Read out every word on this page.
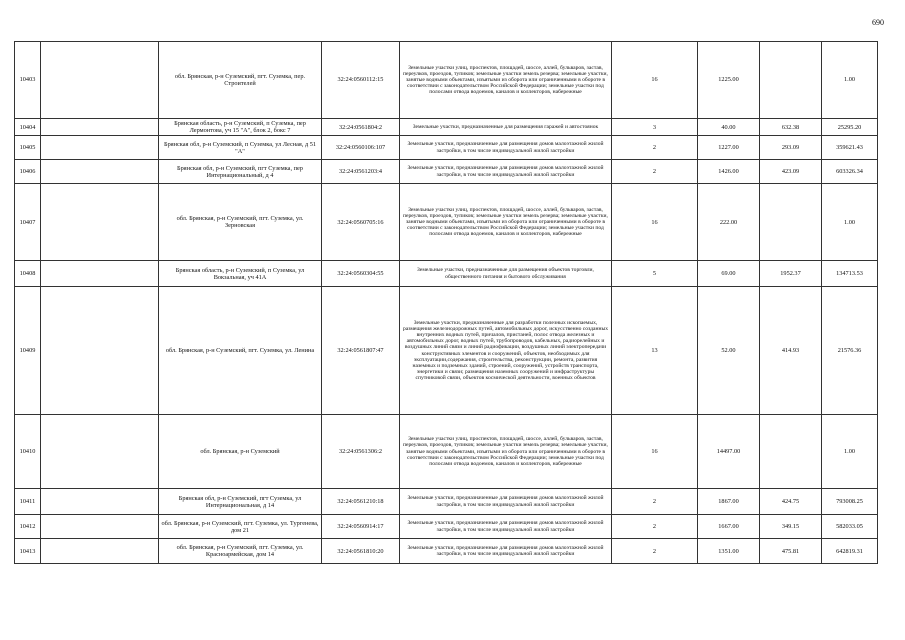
690
10403		обл. Брянская, р-н Суземский, пгт. Суземка, пер. Строителей	32:24:0560112:15	Земельные участки улиц, проспектов, площадей, шоссе, аллей, бульваров, застав, переулков, проездов, тупиков; земельные участки земель резерва; земельные участки, занятые водными объектами, изъятыми из оборота или ограниченными в обороте в соответствии с законодательством Российской Федерации; земельные участки под полосами отвода водоемов, каналов и коллекторов, набережные	16	1225.00		1.00
10404		Брянская область, р-н Суземский, п Суземка, пер Лермонтова, уч 15 "А", блок 2, бокс 7	32:24:0561804:2	Земельные участки, предназначенные для размещения гаражей и автостоянок	3	40.00	632.38	25295.20
10405		Брянская обл, р-н Суземский, п Суземка, ул Лесная, д 51 "А"	32:24:0560106:107	Земельные участки, предназначенные для размещения домов малоэтажной жилой застройки, в том числе индивидуальной жилой застройки	2	1227.00	293.09	359621.43
10406		Брянская обл, р-н Суземский, пгт Суземка, пер Интернациональный, д 4	32:24:0561203:4	Земельные участки, предназначенные для размещения домов малоэтажной жилой застройки, в том числе индивидуальной жилой застройки	2	1426.00	423.09	603326.34
10407		обл. Брянская, р-н Суземский, пгт. Суземка, ул. Зерновская	32:24:0560705:16	Земельные участки улиц, проспектов, площадей, шоссе, аллей, бульваров, застав, переулков, проездов, тупиков; земельные участки земель резерва; земельные участки, занятые водными объектами, изъятыми из оборота или ограниченными в обороте в соответствии с законодательством Российской Федерации; земельные участки под полосами отвода водоемов, каналов и коллекторов, набережные	16	222.00		1.00
10408		Брянская область, р-н Суземский, п Суземка, ул Вокзальная, уч 41А	32:24:0560304:55	Земельные участки, предназначенные для размещения объектов торговли, общественного питания и бытового обслуживания	5	69.00	1952.37	134713.53
10409		обл. Брянская, р-н Суземский, пгт. Суземка, ул. Ленина	32:24:0561807:47	Земельные участки, предназначенные для разработки полезных ископаемых, размещения железнодорожных путей, автомобильных дорог, искусственно созданных внутренних водных путей, причалов, пристаней, полос отвода железных и автомобильных дорог, водных путей, трубопроводов, кабельных, радиорелейных и воздушных линий связи и линий радиофикации, воздушных линий электропередачи конструктивных элементов и сооружений, объектов, необходимых для эксплуатации,содержания, строительства, реконструкции, ремонта, развития наземных и подземных зданий, строений, сооружений, устройств транспорта, энергетики и связи; размещения наземных сооружений и инфраструктуры спутниковой связи, объектов космической деятельности, военных объектов	13	52.00	414.93	21576.36
10410		обл. Брянская, р-н Суземский	32:24:0561306:2	Земельные участки улиц, проспектов, площадей, шоссе, аллей, бульваров, застав, переулков, проездов, тупиков; земельные участки земель резерва; земельные участки, занятые водными объектами, изъятыми из оборота или ограниченными в обороте в соответствии с законодательством Российской Федерации; земельные участки под полосами отвода водоемов, каналов и коллекторов, набережные	16	14497.00		1.00
10411		Брянская обл, р-н Суземский, пгт Суземка, ул Интернациональная, д 14	32:24:0561210:18	Земельные участки, предназначенные для размещения домов малоэтажной жилой застройки, в том числе индивидуальной жилой застройки	2	1867.00	424.75	793008.25
10412		обл. Брянская, р-н Суземский, пгт. Суземка, ул. Тургенева, дом 21	32:24:0560914:17	Земельные участки, предназначенные для размещения домов малоэтажной жилой застройки, в том числе индивидуальной жилой застройки	2	1667.00	349.15	582033.05
10413		обл. Брянская, р-н Суземский, пгт. Суземка, ул. Красноармейская, дом 14	32:24:0561810:20	Земельные участки, предназначенные для размещения домов малоэтажной жилой застройки, в том числе индивидуальной жилой застройки	2	1351.00	475.81	642819.31
